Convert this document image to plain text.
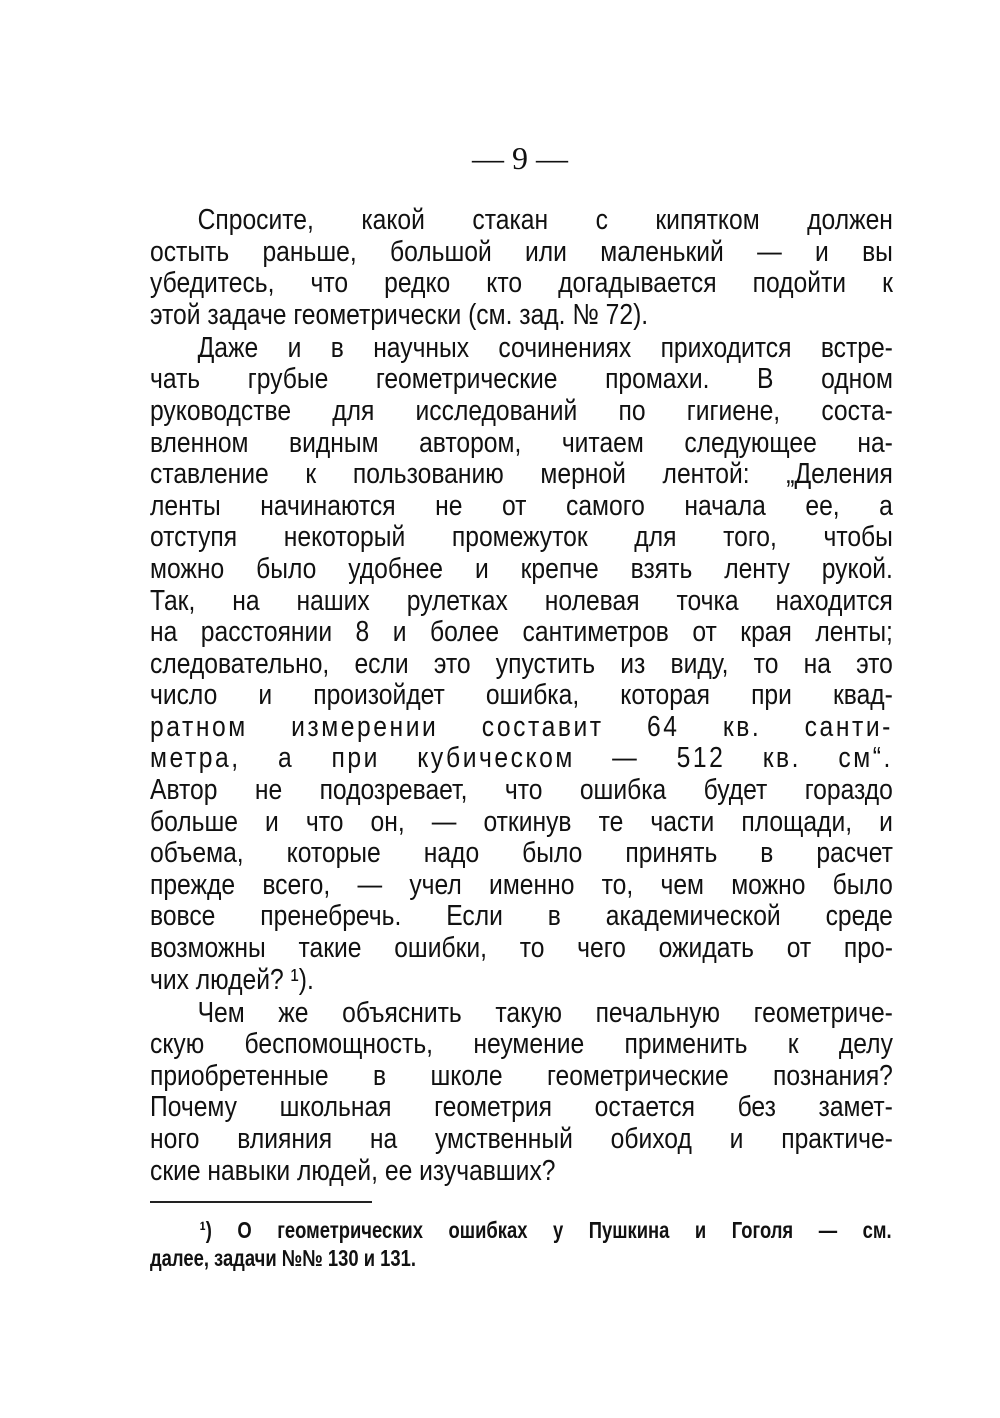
— 9 —
Спросите, какой стакан с кипятком должен
остыть раньше, большой или маленький — и вы
убедитесь, что редко кто догадывается подойти к
этой задаче геометрически (см. зад. № 72).
Даже и в научных сочинениях приходится встре-
чать грубые геометрические промахи. В одном
руководстве для исследований по гигиене, соста-
вленном видным автором, читаем следующее на-
ставление к пользованию мерной лентой: „Деления
ленты начинаются не от самого начала ее, а
отступя некоторый промежуток для того, чтобы
можно было удобнее и крепче взять ленту рукой.
Так, на наших рулетках нолевая точка находится
на расстоянии 8 и более сантиметров от края ленты;
следовательно, если это упустить из виду, то на это
число и произойдет ошибка, которая при квад-
ратном измерении составит 64 кв. санти-
метра, а при кубическом — 512 кв. см“.
Автор не подозревает, что ошибка будет гораздо
больше и что он, — откинув те части площади, и
объема, которые надо было принять в расчет
прежде всего, — учел именно то, чем можно было
вовсе пренебречь. Если в академической среде
возможны такие ошибки, то чего ожидать от про-
чих людей? ¹).
Чем же объяснить такую печальную геометриче-
скую беспомощность, неумение применить к делу
приобретенные в школе геометрические познания?
Почему школьная геометрия остается без замет-
ного влияния на умственный обиход и практиче-
ские навыки людей, ее изучавших?
¹) О геометрических ошибках у Пушкина и Гоголя — см.
далее, задачи №№ 130 и 131.
